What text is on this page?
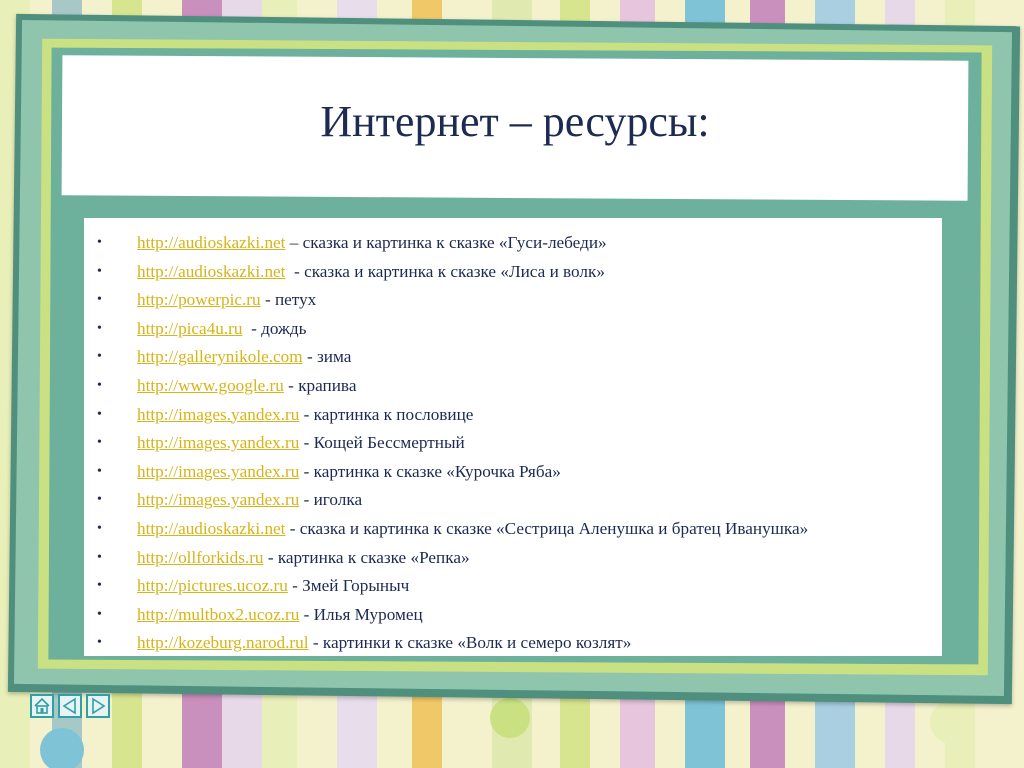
Интернет – ресурсы:
• http://audioskazki.net – сказка и картинка к сказке «Гуси-лебеди»
• http://audioskazki.net  - сказка и картинка к сказке «Лиса и волк»
• http://powerpic.ru - петух
• http://pica4u.ru  - дождь
• http://gallerynikole.com - зима
• http://www.google.ru - крапива
• http://images.yandex.ru - картинка к пословице
• http://images.yandex.ru - Кощей Бессмертный
• http://images.yandex.ru - картинка к сказке «Курочка Ряба»
• http://images.yandex.ru - иголка
• http://audioskazki.net - сказка и картинка к сказке «Сестрица Аленушка и братец Иванушка»
• http://ollforkids.ru - картинка к сказке «Репка»
• http://pictures.ucoz.ru - Змей Горыныч
• http://multbox2.ucoz.ru - Илья Муромец
• http://kozeburg.narod.rul - картинки к сказке «Волк и семеро козлят»
